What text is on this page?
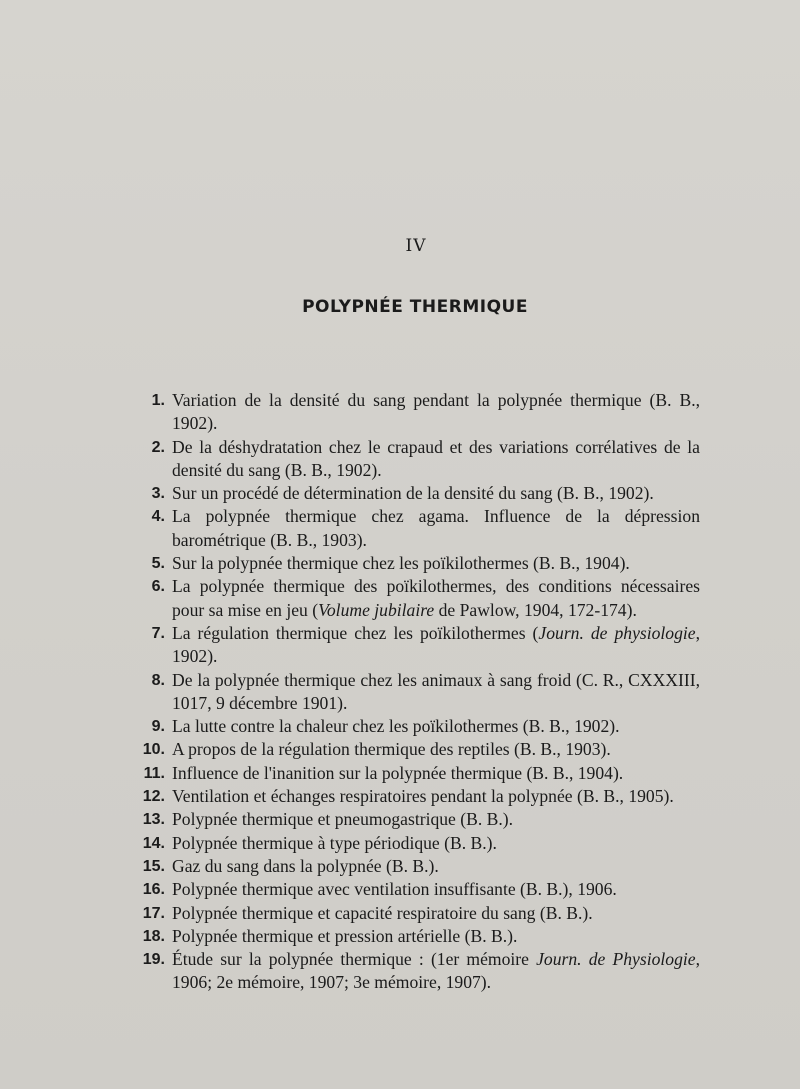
IV
POLYPNÉE THERMIQUE
1. Variation de la densité du sang pendant la polypnée thermique (B. B., 1902).
2. De la déshydratation chez le crapaud et des variations corrélatives de la densité du sang (B. B., 1902).
3. Sur un procédé de détermination de la densité du sang (B. B., 1902).
4. La polypnée thermique chez agama. Influence de la dépression barométrique (B. B., 1903).
5. Sur la polypnée thermique chez les poïkilothermes (B. B., 1904).
6. La polypnée thermique des poïkilothermes, des conditions nécessaires pour sa mise en jeu (Volume jubilaire de Pawlow, 1904, 172-174).
7. La régulation thermique chez les poïkilothermes (Journ. de physiologie, 1902).
8. De la polypnée thermique chez les animaux à sang froid (C. R., CXXXIII, 1017, 9 décembre 1901).
9. La lutte contre la chaleur chez les poïkilothermes (B. B., 1902).
10. A propos de la régulation thermique des reptiles (B. B., 1903).
11. Influence de l'inanition sur la polypnée thermique (B. B., 1904).
12. Ventilation et échanges respiratoires pendant la polypnée (B. B., 1905).
13. Polypnée thermique et pneumogastrique (B. B.).
14. Polypnée thermique à type périodique (B. B.).
15. Gaz du sang dans la polypnée (B. B.).
16. Polypnée thermique avec ventilation insuffisante (B. B.), 1906.
17. Polypnée thermique et capacité respiratoire du sang (B. B.).
18. Polypnée thermique et pression artérielle (B. B.).
19. Étude sur la polypnée thermique : (1er mémoire Journ. de Physiologie, 1906; 2e mémoire, 1907; 3e mémoire, 1907).
